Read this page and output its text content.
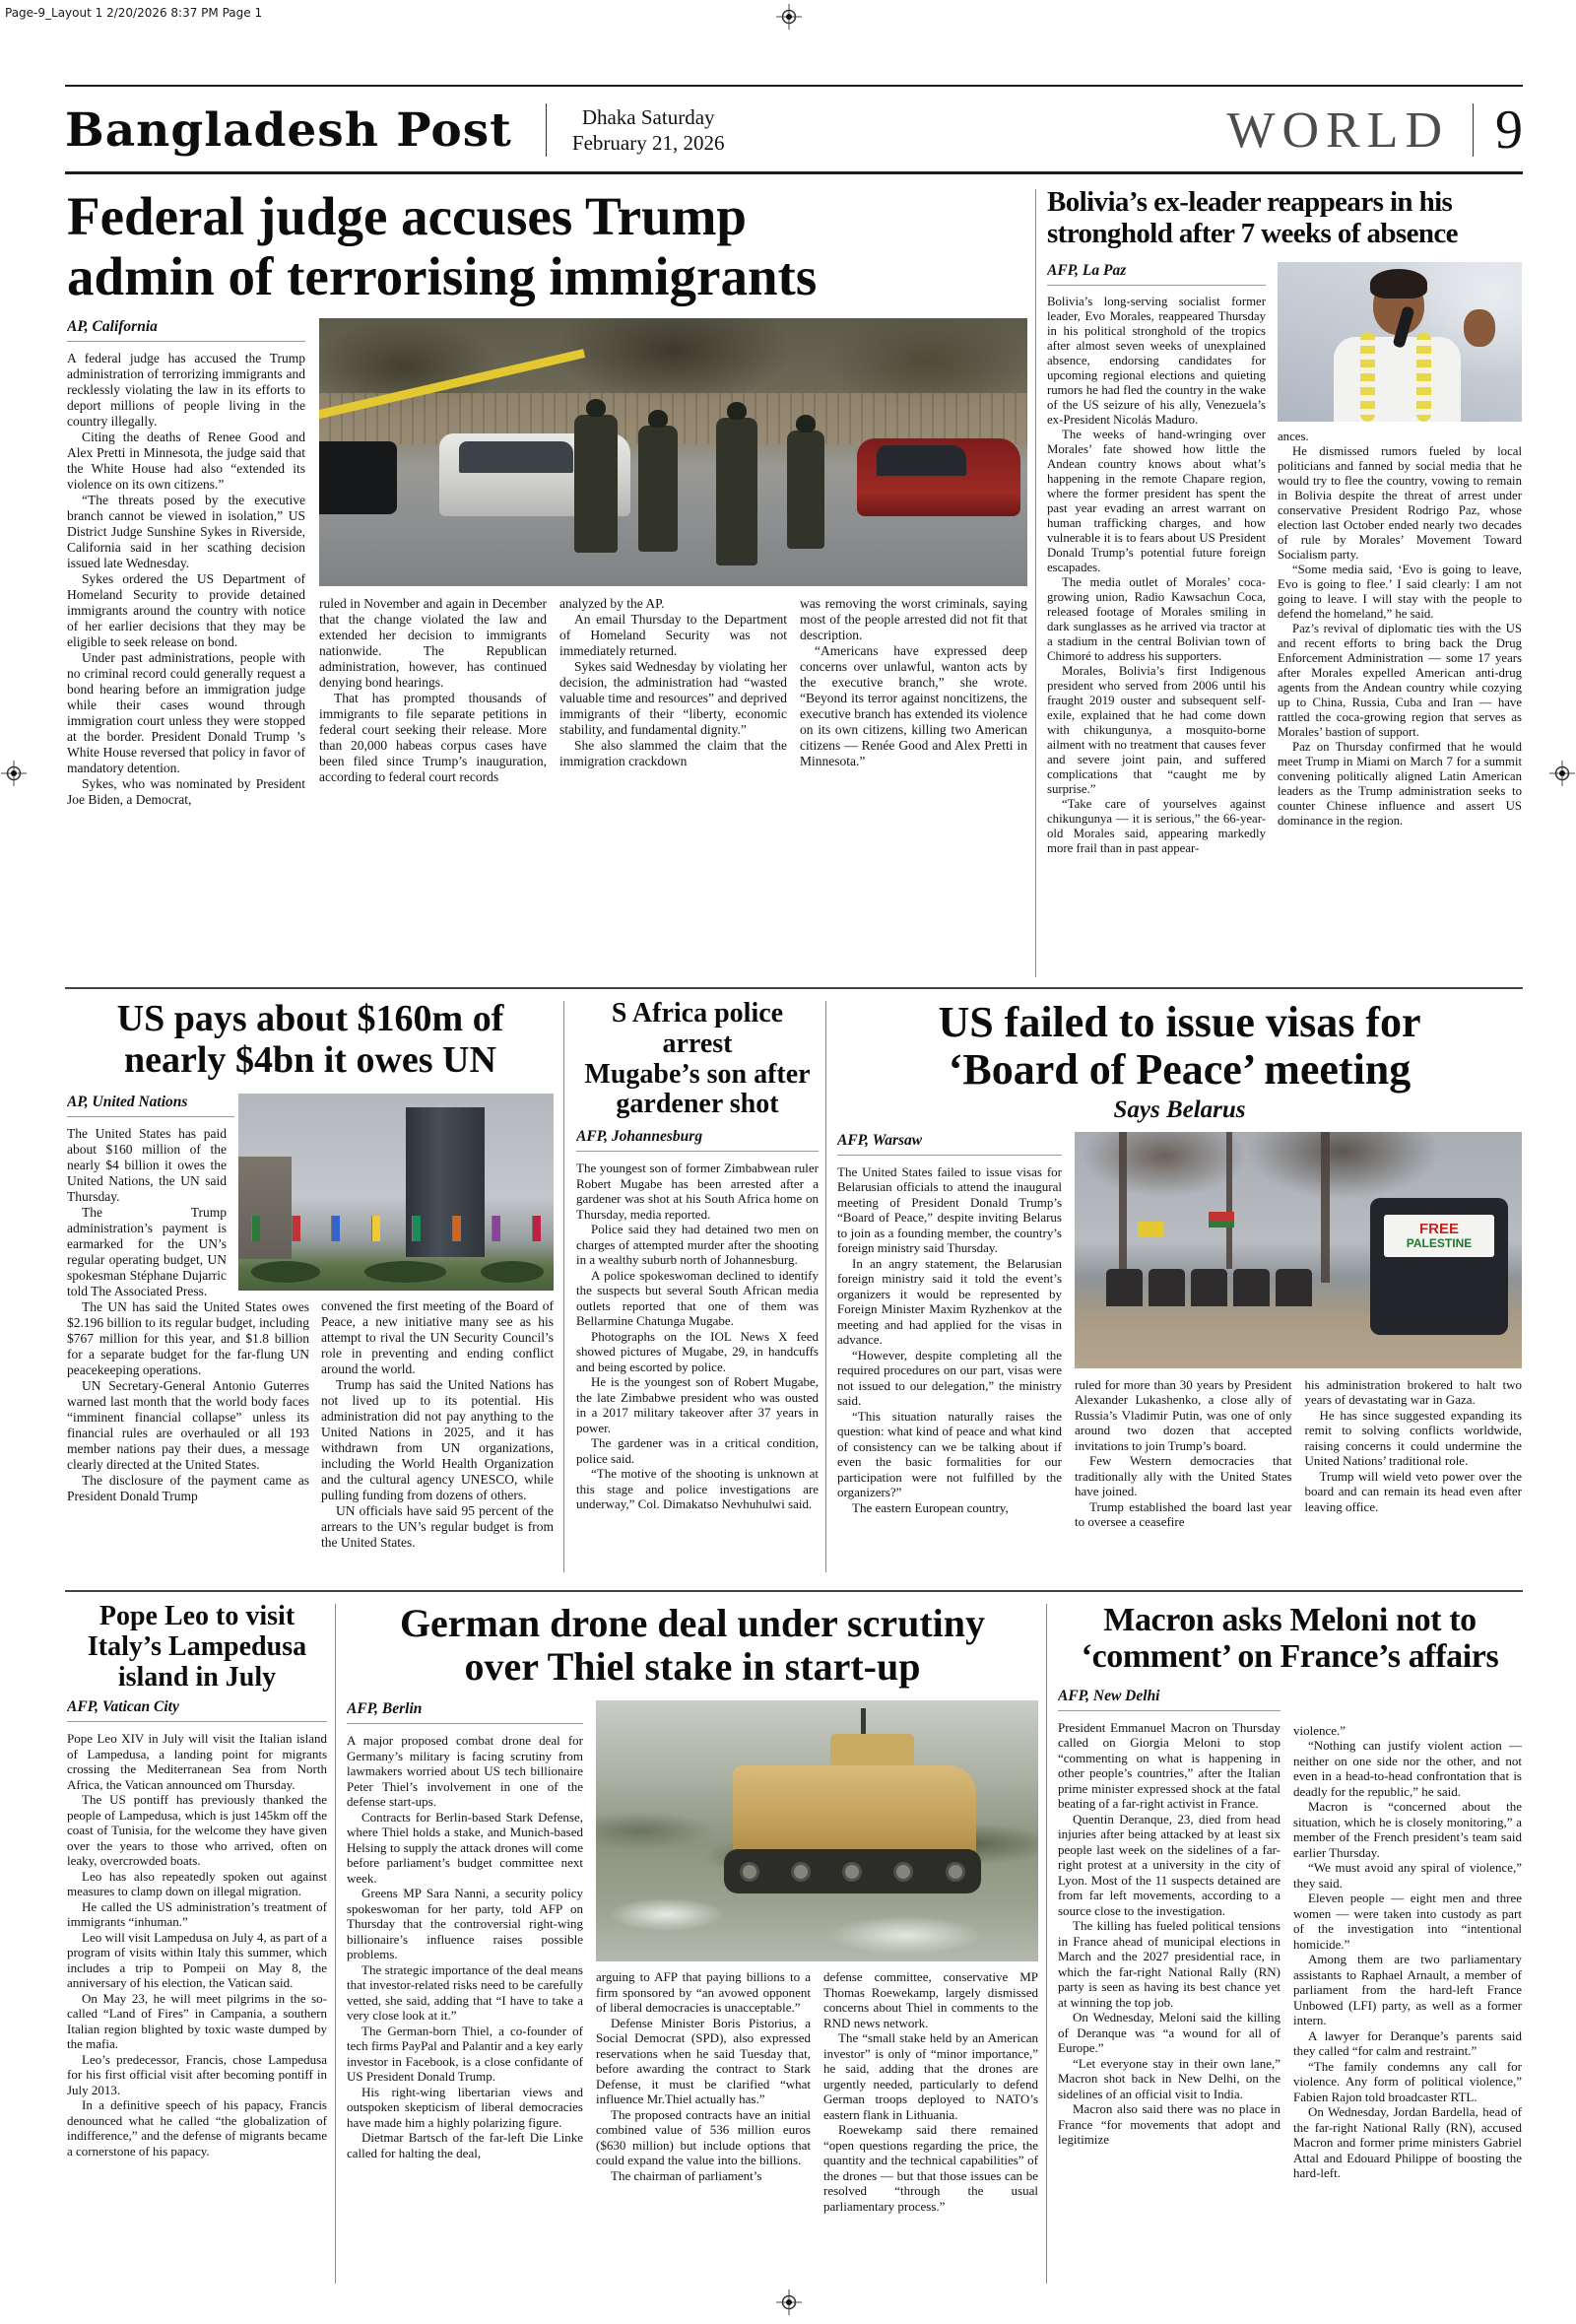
Page-9_Layout 1 2/20/2026 8:37 PM Page 1
Bangladesh Post	Dhaka Saturday
February 21, 2026	WORLD 9
Federal judge accuses Trump
admin of terrorising immigrants
AP, California

A federal judge has accused the Trump administration of terrorizing immigrants and recklessly violating the law in its efforts to deport millions of people living in the country illegally.

Citing the deaths of Renee Good and Alex Pretti in Minnesota, the judge said that the White House had also “extended its violence on its own citizens.”

“The threats posed by the executive branch cannot be viewed in isolation,” US District Judge Sunshine Sykes in Riverside, California said in her scathing decision issued late Wednesday.

Sykes ordered the US Department of Homeland Security to provide detained immigrants around the country with notice of her earlier decisions that they may be eligible to seek release on bond.

Under past administrations, people with no criminal record could generally request a bond hearing before an immigration judge while their cases wound through immigration court unless they were stopped at the border. President Donald Trump ’s White House reversed that policy in favor of mandatory detention.

Sykes, who was nominated by President Joe Biden, a Democrat,

ruled in November and again in December that the change violated the law and extended her decision to immigrants nationwide. The Republican administration, however, has continued denying bond hearings.

That has prompted thousands of immigrants to file separate petitions in federal court seeking their release. More than 20,000 habeas corpus cases have been filed since Trump’s inauguration, according to federal court records

analyzed by the AP.

An email Thursday to the Department of Homeland Security was not immediately returned.

Sykes said Wednesday by violating her decision, the administration had “wasted valuable time and resources” and deprived immigrants of their “liberty, economic stability, and fundamental dignity.”

She also slammed the claim that the immigration crackdown

was removing the worst criminals, saying most of the people arrested did not fit that description.

“Americans have expressed deep concerns over unlawful, wanton acts by the executive branch,” she wrote. “Beyond its terror against noncitizens, the executive branch has extended its violence on its own citizens, killing two American citizens — Renée Good and Alex Pretti in Minnesota.”

Bolivia’s ex-leader reappears in his
stronghold after 7 weeks of absence
AFP, La Paz

Bolivia’s long-serving socialist former leader, Evo Morales, reappeared Thursday in his political stronghold of the tropics after almost seven weeks of unexplained absence, endorsing candidates for upcoming regional elections and quieting rumors he had fled the country in the wake of the US seizure of his ally, Venezuela’s ex-President Nicolás Maduro.

The weeks of hand-wringing over Morales’ fate showed how little the Andean country knows about what’s happening in the remote Chapare region, where the former president has spent the past year evading an arrest warrant on human trafficking charges, and how vulnerable it is to fears about US President Donald Trump’s potential future foreign escapades.

The media outlet of Morales’ coca-growing union, Radio Kawsachun Coca, released footage of Morales smiling in dark sunglasses as he arrived via tractor at a stadium in the central Bolivian town of Chimoré to address his supporters.

Morales, Bolivia’s first Indigenous president who served from 2006 until his fraught 2019 ouster and subsequent self-exile, explained that he had come down with chikungunya, a mosquito-borne ailment with no treatment that causes fever and severe joint pain, and suffered complications that “caught me by surprise.”

“Take care of yourselves against chikungunya — it is serious,” the 66-year-old Morales said, appearing markedly more frail than in past appear-

ances.

He dismissed rumors fueled by local politicians and fanned by social media that he would try to flee the country, vowing to remain in Bolivia despite the threat of arrest under conservative President Rodrigo Paz, whose election last October ended nearly two decades of rule by Morales’ Movement Toward Socialism party.

“Some media said, ‘Evo is going to leave, Evo is going to flee.’ I said clearly: I am not going to leave. I will stay with the people to defend the homeland,” he said.

Paz’s revival of diplomatic ties with the US and recent efforts to bring back the Drug Enforcement Administration — some 17 years after Morales expelled American anti-drug agents from the Andean country while cozying up to China, Russia, Cuba and Iran — have rattled the coca-growing region that serves as Morales’ bastion of support.

Paz on Thursday confirmed that he would meet Trump in Miami on March 7 for a summit convening politically aligned Latin American leaders as the Trump administration seeks to counter Chinese influence and assert US dominance in the region.

US pays about $160m of
nearly $4bn it owes UN
AP, United Nations

The United States has paid about $160 million of the nearly $4 billion it owes the United Nations, the UN said Thursday.

The Trump administration’s payment is earmarked for the UN’s regular operating budget, UN spokesman Stéphane Dujarric told The Associated Press.

The UN has said the United States owes $2.196 billion to its regular budget, including $767 million for this year, and $1.8 billion for a separate budget for the far-flung UN peacekeeping operations.

UN Secretary-General Antonio Guterres warned last month that the world body faces “imminent financial collapse” unless its financial rules are overhauled or all 193 member nations pay their dues, a message clearly directed at the United States.

The disclosure of the payment came as President Donald Trump

convened the first meeting of the Board of Peace, a new initiative many see as his attempt to rival the UN Security Council’s role in preventing and ending conflict around the world.

Trump has said the United Nations has not lived up to its potential. His administration did not pay anything to the United Nations in 2025, and it has withdrawn from UN organizations, including the World Health Organization and the cultural agency UNESCO, while pulling funding from dozens of others.

UN officials have said 95 percent of the arrears to the UN’s regular budget is from the United States.

S Africa police arrest
Mugabe’s son after
gardener shot
AFP, Johannesburg

The youngest son of former Zimbabwean ruler Robert Mugabe has been arrested after a gardener was shot at his South Africa home on Thursday, media reported.

Police said they had detained two men on charges of attempted murder after the shooting in a wealthy suburb north of Johannesburg.

A police spokeswoman declined to identify the suspects but several South African media outlets reported that one of them was Bellarmine Chatunga Mugabe.

Photographs on the IOL News X feed showed pictures of Mugabe, 29, in handcuffs and being escorted by police.

He is the youngest son of Robert Mugabe, the late Zimbabwe president who was ousted in a 2017 military takeover after 37 years in power.

The gardener was in a critical condition, police said.

“The motive of the shooting is unknown at this stage and police investigations are underway,” Col. Dimakatso Nevhuhulwi said.

US failed to issue visas for
‘Board of Peace’ meeting
Says Belarus
AFP, Warsaw

The United States failed to issue visas for Belarusian officials to attend the inaugural meeting of President Donald Trump’s “Board of Peace,” despite inviting Belarus to join as a founding member, the country’s foreign ministry said Thursday.

In an angry statement, the Belarusian foreign ministry said it told the event’s organizers it would be represented by Foreign Minister Maxim Ryzhenkov at the meeting and had applied for the visas in advance.

“However, despite completing all the required procedures on our part, visas were not issued to our delegation,” the ministry said.

“This situation naturally raises the question: what kind of peace and what kind of consistency can we be talking about if even the basic formalities for our participation were not fulfilled by the organizers?”

The eastern European country,

FREE
PALESTINE

ruled for more than 30 years by President Alexander Lukashenko, a close ally of Russia’s Vladimir Putin, was one of only around two dozen that accepted invitations to join Trump’s board.

Few Western democracies that traditionally ally with the United States have joined.

Trump established the board last year to oversee a ceasefire

his administration brokered to halt two years of devastating war in Gaza.

He has since suggested expanding its remit to solving conflicts worldwide, raising concerns it could undermine the United Nations’ traditional role.

Trump will wield veto power over the board and can remain its head even after leaving office.

Pope Leo to visit
Italy’s Lampedusa
island in July
AFP, Vatican City

Pope Leo XIV in July will visit the Italian island of Lampedusa, a landing point for migrants crossing the Mediterranean Sea from North Africa, the Vatican announced om Thursday.

The US pontiff has previously thanked the people of Lampedusa, which is just 145km off the coast of Tunisia, for the welcome they have given over the years to those who arrived, often on leaky, overcrowded boats.

Leo has also repeatedly spoken out against measures to clamp down on illegal migration.

He called the US administration’s treatment of immigrants “inhuman.”

Leo will visit Lampedusa on July 4, as part of a program of visits within Italy this summer, which includes a trip to Pompeii on May 8, the anniversary of his election, the Vatican said.

On May 23, he will meet pilgrims in the so-called “Land of Fires” in Campania, a southern Italian region blighted by toxic waste dumped by the mafia.

Leo’s predecessor, Francis, chose Lampedusa for his first official visit after becoming pontiff in July 2013.

In a definitive speech of his papacy, Francis denounced what he called “the globalization of indifference,” and the defense of migrants became a cornerstone of his papacy.

German drone deal under scrutiny
over Thiel stake in start-up
AFP, Berlin

A major proposed combat drone deal for Germany’s military is facing scrutiny from lawmakers worried about US tech billionaire Peter Thiel’s involvement in one of the defense start-ups.

Contracts for Berlin-based Stark Defense, where Thiel holds a stake, and Munich-based Helsing to supply the attack drones will come before parliament’s budget committee next week.

Greens MP Sara Nanni, a security policy spokeswoman for her party, told AFP on Thursday that the controversial right-wing billionaire’s influence raises possible problems.

The strategic importance of the deal means that investor-related risks need to be carefully vetted, she said, adding that “I have to take a very close look at it.”

The German-born Thiel, a co-founder of tech firms PayPal and Palantir and a key early investor in Facebook, is a close confidante of US President Donald Trump.

His right-wing libertarian views and outspoken skepticism of liberal democracies have made him a highly polarizing figure.

Dietmar Bartsch of the far-left Die Linke called for halting the deal,

arguing to AFP that paying billions to a firm sponsored by “an avowed opponent of liberal democracies is unacceptable.”

Defense Minister Boris Pistorius, a Social Democrat (SPD), also expressed reservations when he said Tuesday that, before awarding the contract to Stark Defense, it must be clarified “what influence Mr.Thiel actually has.”

The proposed contracts have an initial combined value of 536 million euros ($630 million) but include options that could expand the value into the billions.

The chairman of parliament’s

defense committee, conservative MP Thomas Roewekamp, largely dismissed concerns about Thiel in comments to the RND news network.

The “small stake held by an American investor” is only of “minor importance,” he said, adding that the drones are urgently needed, particularly to defend German troops deployed to NATO’s eastern flank in Lithuania.

Roewekamp said there remained “open questions regarding the price, the quantity and the technical capabilities” of the drones — but that those issues can be resolved “through the usual parliamentary process.”

Macron asks Meloni not to
‘comment’ on France’s affairs
AFP, New Delhi

President Emmanuel Macron on Thursday called on Giorgia Meloni to stop “commenting on what is happening in other people’s countries,” after the Italian prime minister expressed shock at the fatal beating of a far-right activist in France.

Quentin Deranque, 23, died from head injuries after being attacked by at least six people last week on the sidelines of a far-right protest at a university in the city of Lyon. Most of the 11 suspects detained are from far left movements, according to a source close to the investigation.

The killing has fueled political tensions in France ahead of municipal elections in March and the 2027 presidential race, in which the far-right National Rally (RN) party is seen as having its best chance yet at winning the top job.

On Wednesday, Meloni said the killing of Deranque was “a wound for all of Europe.”

“Let everyone stay in their own lane,” Macron shot back in New Delhi, on the sidelines of an official visit to India.

Macron also said there was no place in France “for movements that adopt and legitimize

violence.”

“Nothing can justify violent action — neither on one side nor the other, and not even in a head-to-head confrontation that is deadly for the republic,” he said.

Macron is “concerned about the situation, which he is closely monitoring,” a member of the French president’s team said earlier Thursday.

“We must avoid any spiral of violence,” they said.

Eleven people — eight men and three women — were taken into custody as part of the investigation into “intentional homicide.”

Among them are two parliamentary assistants to Raphael Arnault, a member of parliament from the hard-left France Unbowed (LFI) party, as well as a former intern.

A lawyer for Deranque’s parents said they called “for calm and restraint.”

“The family condemns any call for violence. Any form of political violence,” Fabien Rajon told broadcaster RTL.

On Wednesday, Jordan Bardella, head of the far-right National Rally (RN), accused Macron and former prime ministers Gabriel Attal and Edouard Philippe of boosting the hard-left.
